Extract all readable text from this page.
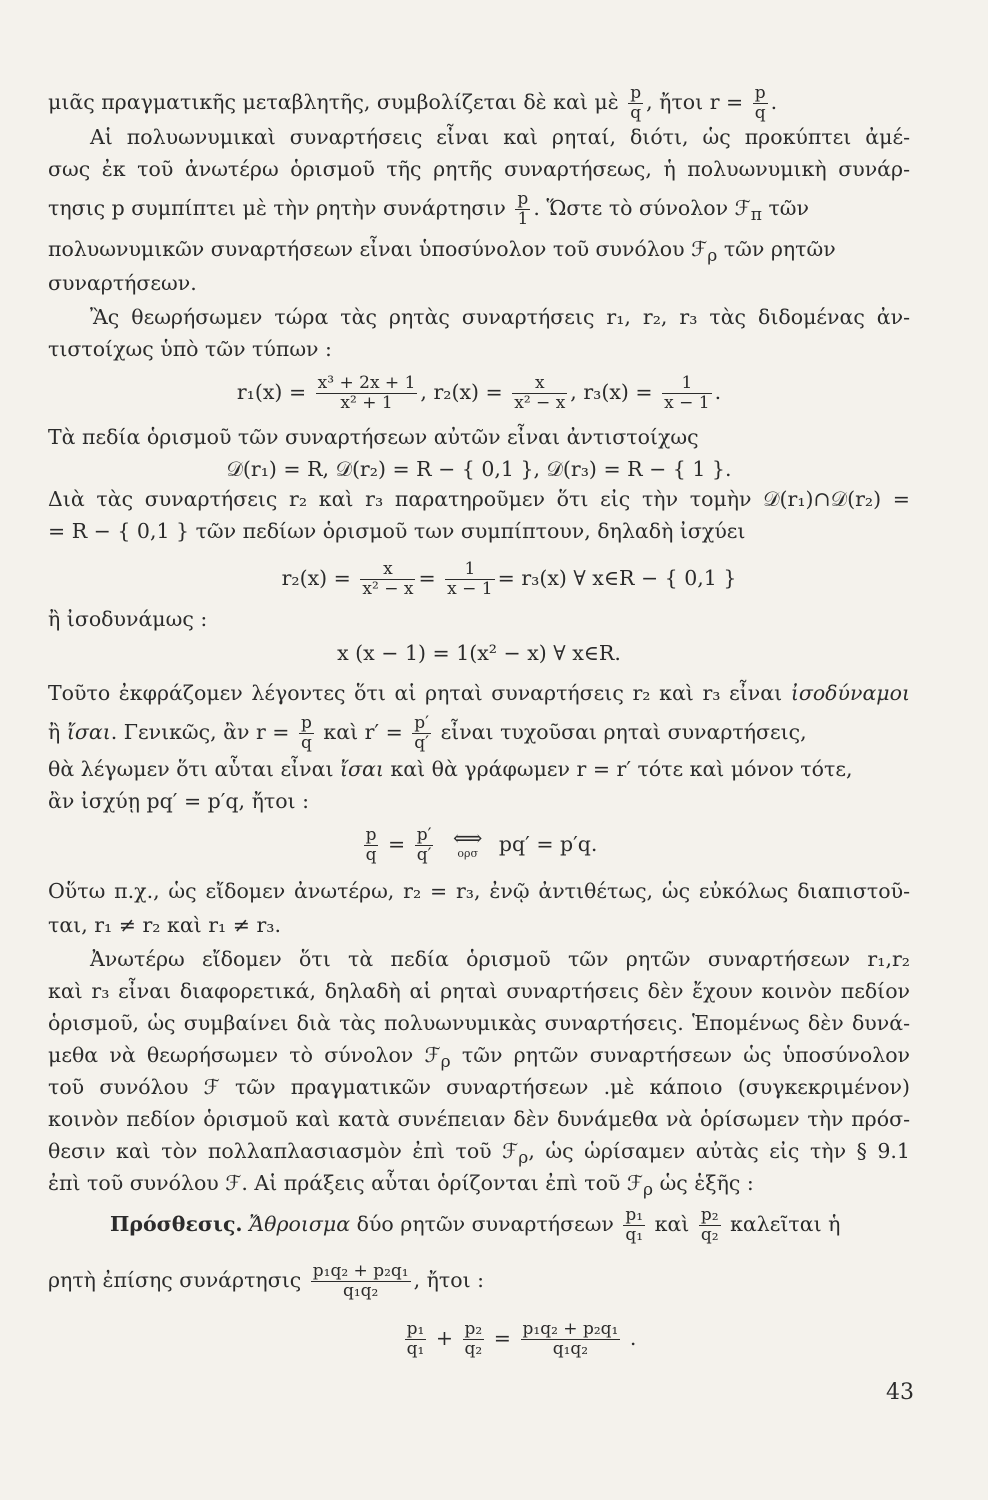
μιᾶς πραγματικῆς μεταβλητῆς, συμβολίζεται δὲ καὶ μὲ $\frac{p}{q}$ , ἤτοι $r = \frac{p}{q}$ .
Αἱ πολυωνυμικαὶ συναρτήσεις εἶναι καὶ ρηταί, διότι, ὡς προκύπτει ἀμέ-
σως ἐκ τοῦ ἀνωτέρω ὁρισμοῦ τῆς ρητῆς συναρτήσεως, ἡ πολυωνυμικὴ συνάρ-
τησις p συμπίπτει μὲ τὴν ρητὴν συνάρτησιν $\frac{p}{1}$ . Ὥστε τὸ σύνολον ℱ$_\pi$ τῶν
πολυωνυμικῶν συναρτήσεων εἶναι ὑποσύνολον τοῦ συνόλου ℱ$_\rho$ τῶν ρητῶν
συναρτήσεων.
Ἂς θεωρήσωμεν τώρα τὰς ρητὰς συναρτήσεις r₁, r₂, r₃ τὰς διδομένας ἀν-
τιστοίχως ὑπὸ τῶν τύπων :
$r_1(x) = \frac{\text{x³ + 2x + 1}}{\text{x² + 1}}$ , $r_2(x) = \frac{x}{\text{x² − x}}$ , $r_3(x) = \frac{1}{x - 1}$ .
Τὰ πεδία ὁρισμοῦ τῶν συναρτήσεων αὐτῶν εἶναι ἀντιστοίχως
𝒟(r₁) = R, 𝒟(r₂) = R − { 0,1 }, 𝒟(r₃) = R − { 1 }.
Διὰ τὰς συναρτήσεις r₂ καὶ r₃ παρατηροῦμεν ὅτι εἰς τὴν τομὴν 𝒟(r₁)∩𝒟(r₂) =
= R − { 0,1 } τῶν πεδίων ὁρισμοῦ των συμπίπτουν, δηλαδὴ ἰσχύει
$r_2(x) = \frac{x}{\text{x² − x}} = \frac{1}{x - 1} = r_3(x)$ ∀ x∈R − { 0,1 }
ἢ ἰσοδυνάμως :
x (x − 1) = 1(x² − x) ∀ x∈R.
Τοῦτο ἐκφράζομεν λέγοντες ὅτι αἱ ρηταὶ συναρτήσεις r₂ καὶ r₃ εἶναι ἰσοδύναμοι
ἢ ἴσαι. Γενικῶς, ἂν $r = \frac{p}{q}$ καὶ $r' = \frac{p'}{q'}$ εἶναι τυχοῦσαι ρηταὶ συναρτήσεις,
θὰ λέγωμεν ὅτι αὗται εἶναι ἴσαι καὶ θὰ γράφωμεν r = r′ τότε καὶ μόνον τότε,
ἂν ἰσχύῃ pq′ = p′q, ἤτοι :
$\frac{p}{q} = \frac{p'}{q'}$
⟺
ορσ pq′ = p′q.
Οὕτω π.χ., ὡς εἴδομεν ἀνωτέρω, r₂ = r₃, ἐνῷ ἀντιθέτως, ὡς εὐκόλως διαπιστοῦ-
ται, r₁ ≠ r₂ καὶ r₁ ≠ r₃.
Ἀνωτέρω εἴδομεν ὅτι τὰ πεδία ὁρισμοῦ τῶν ρητῶν συναρτήσεων r₁,r₂
καὶ r₃ εἶναι διαφορετικά, δηλαδὴ αἱ ρηταὶ συναρτήσεις δὲν ἔχουν κοινὸν πεδίον
ὁρισμοῦ, ὡς συμβαίνει διὰ τὰς πολυωνυμικὰς συναρτήσεις. Ἑπομένως δὲν δυνά-
μεθα νὰ θεωρήσωμεν τὸ σύνολον ℱ$_\rho$ τῶν ρητῶν συναρτήσεων ὡς ὑποσύνολον
τοῦ συνόλου ℱ τῶν πραγματικῶν συναρτήσεων .μὲ κάποιο (συγκεκριμένον)
κοινὸν πεδίον ὁρισμοῦ καὶ κατὰ συνέπειαν δὲν δυνάμεθα νὰ ὁρίσωμεν τὴν πρόσ-
θεσιν καὶ τὸν πολλαπλασιασμὸν ἐπὶ τοῦ ℱ$_\rho$, ὡς ὡρίσαμεν αὐτὰς εἰς τὴν § 9.1
ἐπὶ τοῦ συνόλου ℱ. Αἱ πράξεις αὗται ὁρίζονται ἐπὶ τοῦ ℱ$_\rho$ ὡς ἑξῆς :
Πρόσθεσις. Ἄθροισμα δύο ρητῶν συναρτήσεων $\frac{\text{p₁}}{\text{q₁}}$ καὶ $\frac{\text{p₂}}{\text{q₂}}$ καλεῖται ἡ
ρητὴ ἐπίσης συνάρτησις $\frac{\text{p₁q₂ + p₂q₁}}{\text{q₁q₂}}$ , ἤτοι :
$\frac{\text{p₁}}{\text{q₁}} + \frac{\text{p₂}}{\text{q₂}} = \frac{\text{p₁q₂ + p₂q₁}}{\text{q₁q₂}}$ .
43
